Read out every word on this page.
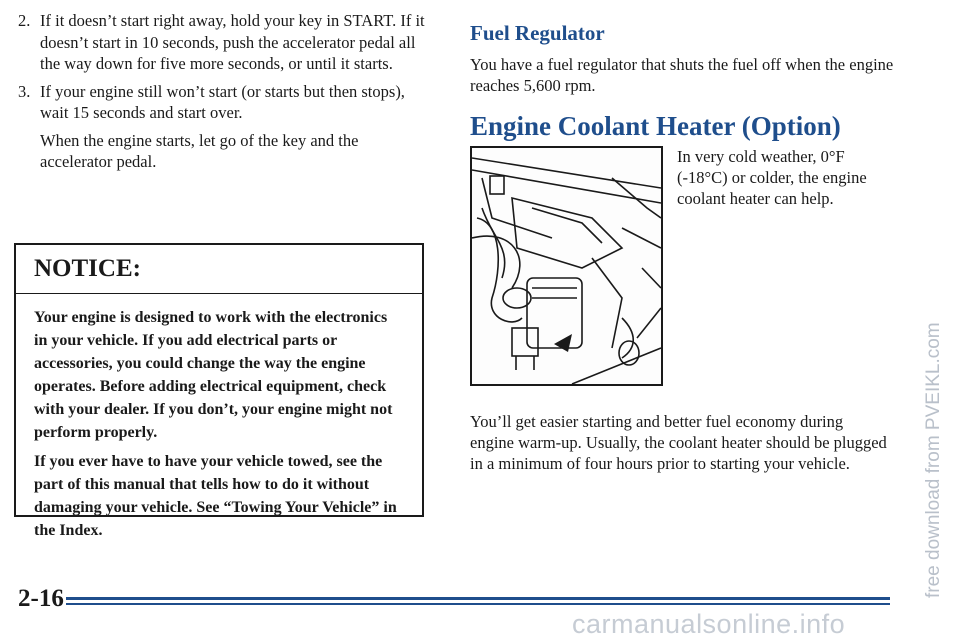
2. If it doesn’t start right away, hold your key in START. If it doesn’t start in 10 seconds, push the accelerator pedal all the way down for five more seconds, or until it starts.
3. If your engine still won’t start (or starts but then stops), wait 15 seconds and start over.
When the engine starts, let go of the key and the accelerator pedal.
NOTICE:

Your engine is designed to work with the electronics in your vehicle. If you add electrical parts or accessories, you could change the way the engine operates. Before adding electrical equipment, check with your dealer. If you don’t, your engine might not perform properly.

If you ever have to have your vehicle towed, see the part of this manual that tells how to do it without damaging your vehicle. See “Towing Your Vehicle” in the Index.

Fuel Regulator

You have a fuel regulator that shuts the fuel off when the engine reaches 5,600 rpm.

Engine Coolant Heater (Option)
In very cold weather, 0°F (-18°C) or colder, the engine coolant heater can help.
You’ll get easier starting and better fuel economy during engine warm-up. Usually, the coolant heater should be plugged in a minimum of four hours prior to starting your vehicle.
2-16
free download from PVEIKL.com
carmanualsonline.info
